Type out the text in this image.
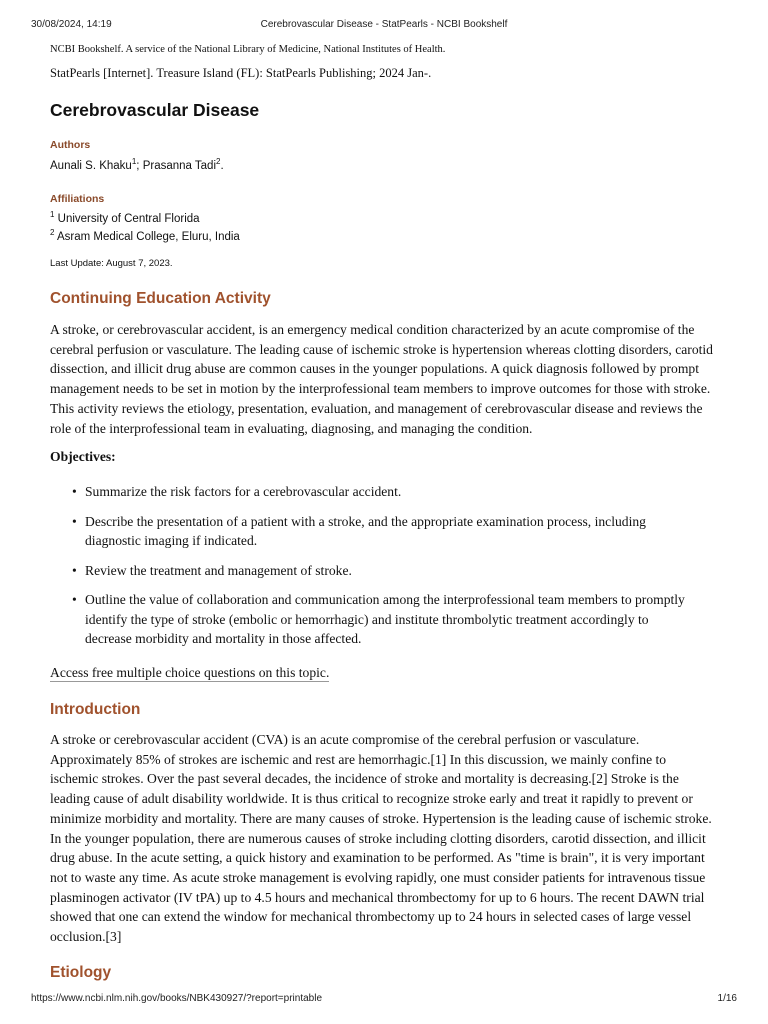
30/08/2024, 14:19	Cerebrovascular Disease - StatPearls - NCBI Bookshelf
NCBI Bookshelf. A service of the National Library of Medicine, National Institutes of Health.
StatPearls [Internet]. Treasure Island (FL): StatPearls Publishing; 2024 Jan-.
Cerebrovascular Disease
Authors
Aunali S. Khaku$^1$; Prasanna Tadi$^2$.
Affiliations
$^1$ University of Central Florida
$^2$ Asram Medical College, Eluru, India
Last Update: August 7, 2023.
Continuing Education Activity
A stroke, or cerebrovascular accident, is an emergency medical condition characterized by an acute compromise of the cerebral perfusion or vasculature. The leading cause of ischemic stroke is hypertension whereas clotting disorders, carotid dissection, and illicit drug abuse are common causes in the younger populations. A quick diagnosis followed by prompt management needs to be set in motion by the interprofessional team members to improve outcomes for those with stroke. This activity reviews the etiology, presentation, evaluation, and management of cerebrovascular disease and reviews the role of the interprofessional team in evaluating, diagnosing, and managing the condition.
Objectives:
• Summarize the risk factors for a cerebrovascular accident.
• Describe the presentation of a patient with a stroke, and the appropriate examination process, including diagnostic imaging if indicated.
• Review the treatment and management of stroke.
• Outline the value of collaboration and communication among the interprofessional team members to promptly identify the type of stroke (embolic or hemorrhagic) and institute thrombolytic treatment accordingly to decrease morbidity and mortality in those affected.
Access free multiple choice questions on this topic.
Introduction
A stroke or cerebrovascular accident (CVA) is an acute compromise of the cerebral perfusion or vasculature. Approximately 85% of strokes are ischemic and rest are hemorrhagic.[1] In this discussion, we mainly confine to ischemic strokes. Over the past several decades, the incidence of stroke and mortality is decreasing.[2] Stroke is the leading cause of adult disability worldwide. It is thus critical to recognize stroke early and treat it rapidly to prevent or minimize morbidity and mortality. There are many causes of stroke. Hypertension is the leading cause of ischemic stroke. In the younger population, there are numerous causes of stroke including clotting disorders, carotid dissection, and illicit drug abuse. In the acute setting, a quick history and examination to be performed. As "time is brain", it is very important not to waste any time. As acute stroke management is evolving rapidly, one must consider patients for intravenous tissue plasminogen activator (IV tPA) up to 4.5 hours and mechanical thrombectomy for up to 6 hours. The recent DAWN trial showed that one can extend the window for mechanical thrombectomy up to 24 hours in selected cases of large vessel occlusion.[3]
Etiology
https://www.ncbi.nlm.nih.gov/books/NBK430927/?report=printable	1/16
